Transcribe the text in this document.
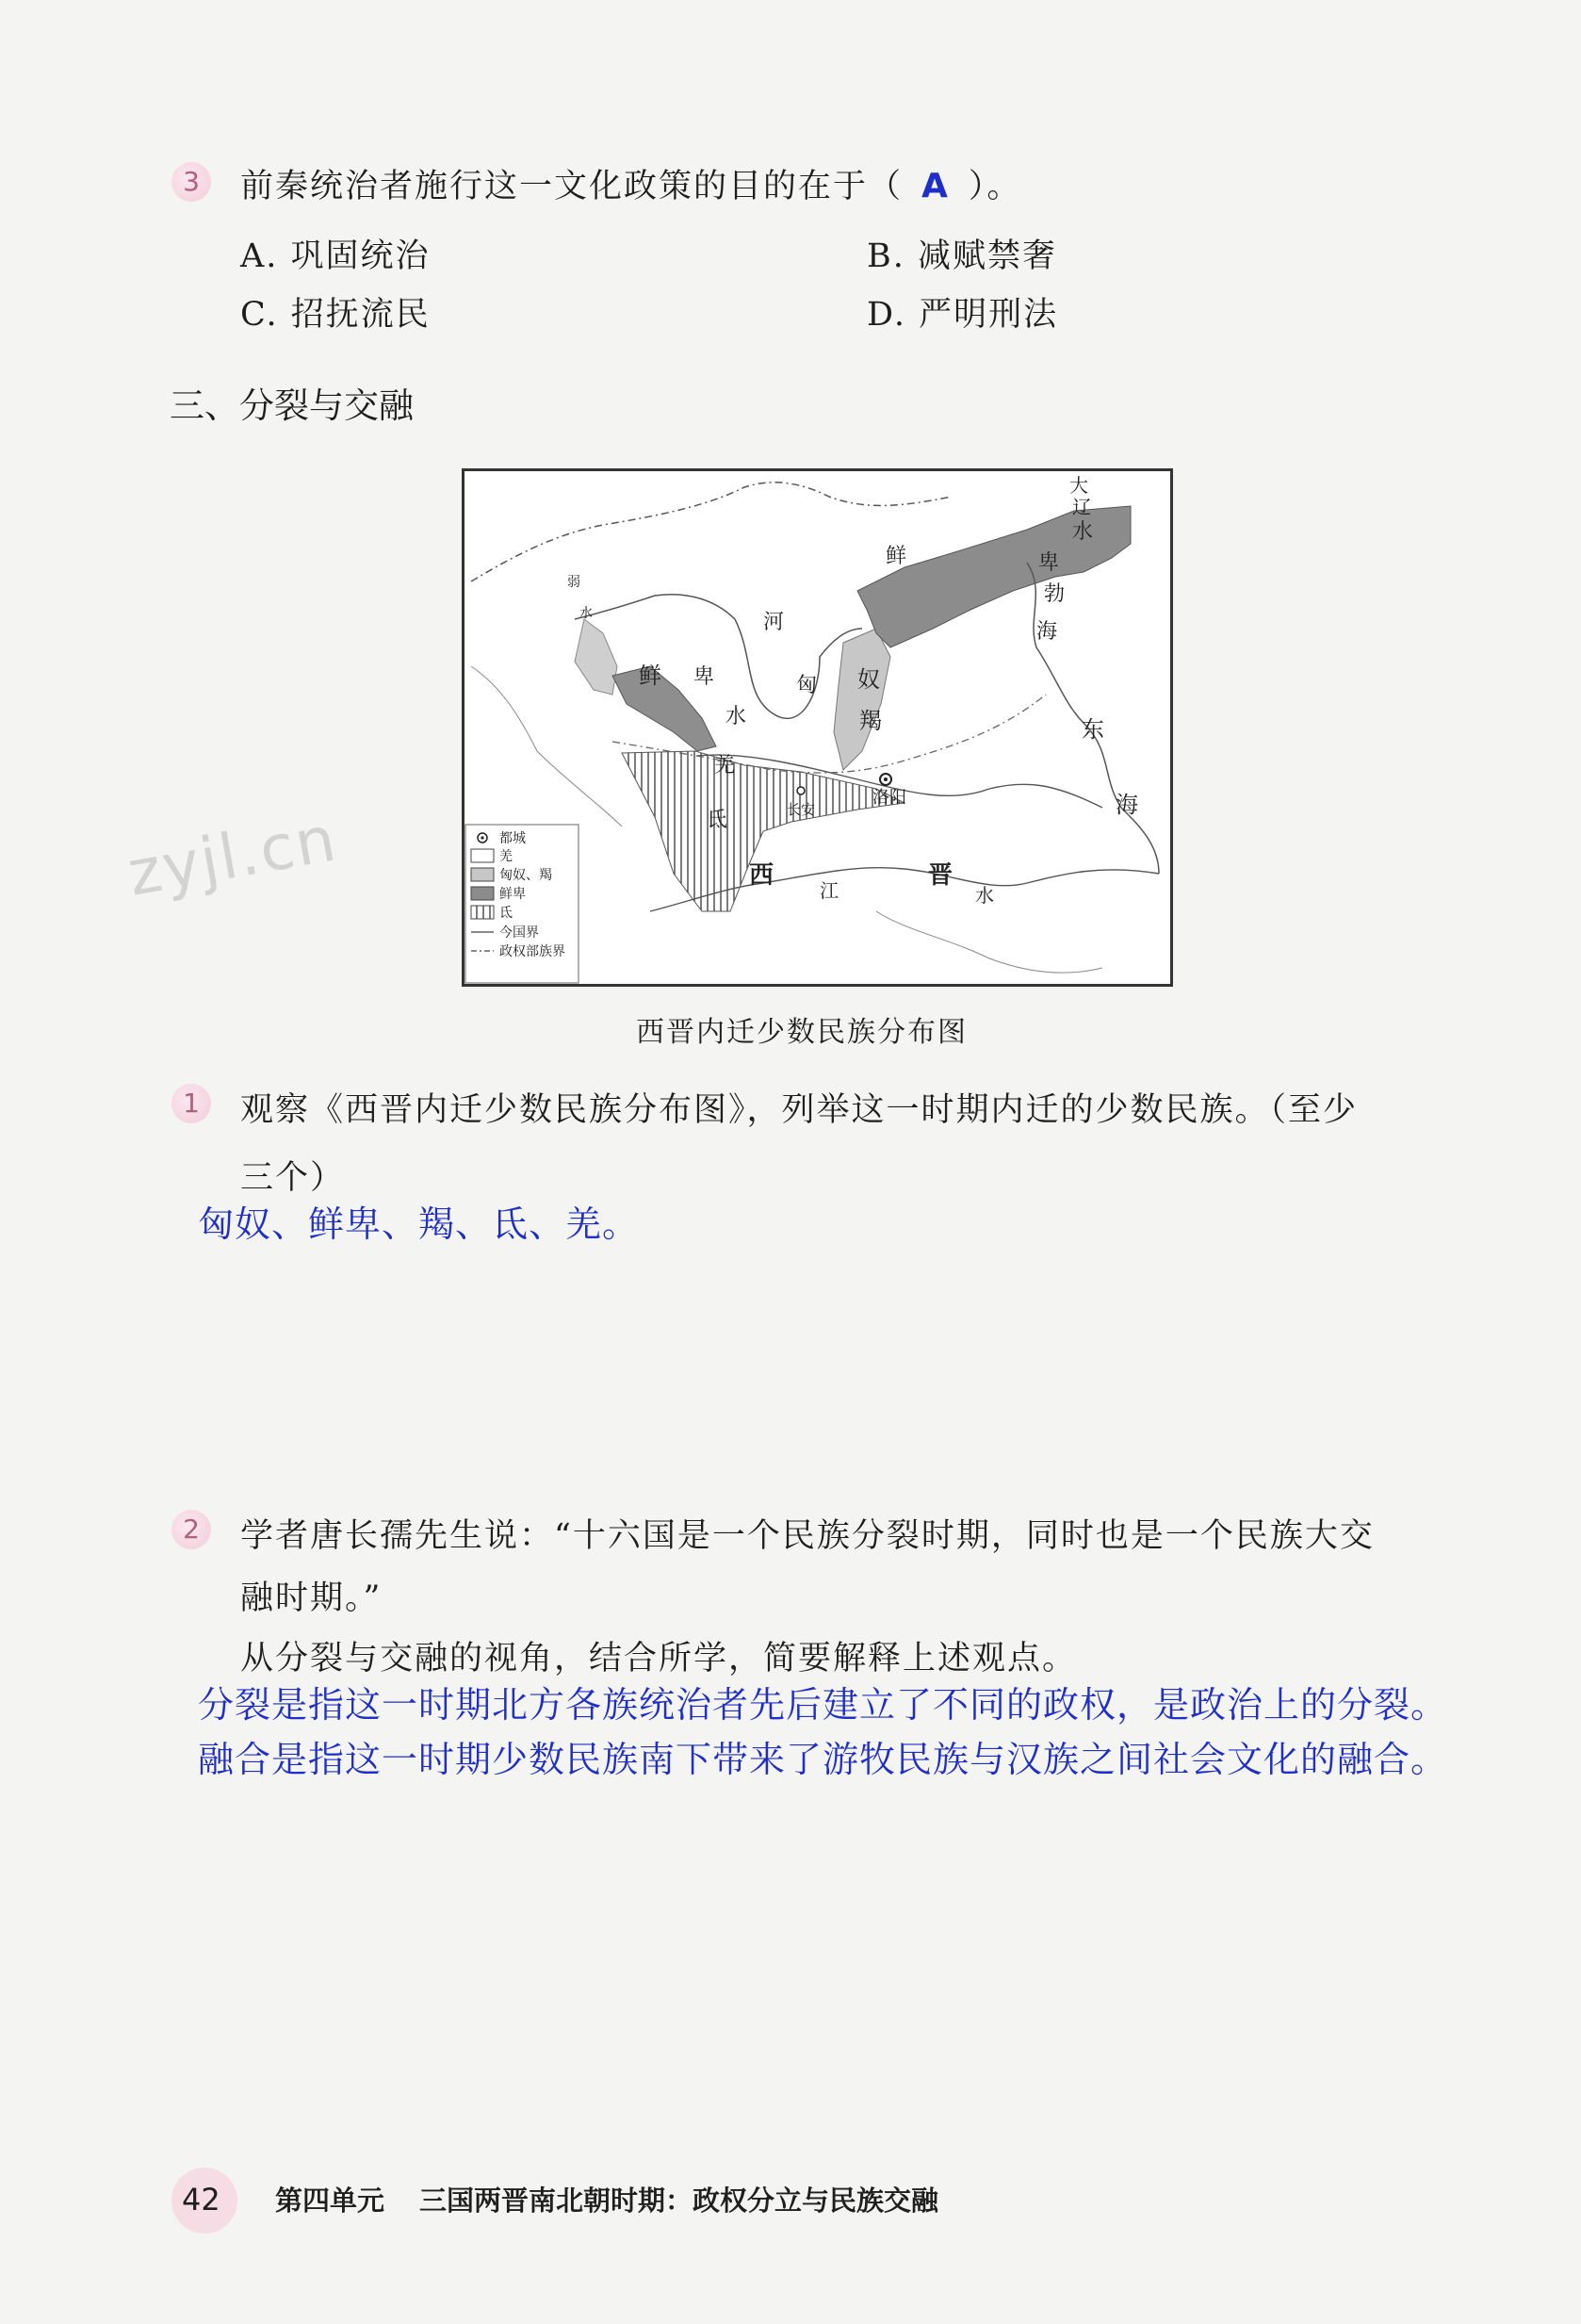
3	前秦统治者施行这一文化政策的目的在于（ A ）。
A. 巩固统治	B. 减赋禁奢
C. 招抚流民	D. 严明刑法
三、分裂与交融
鲜
大
辽
水
卑
勃
海
河
弱
水
鲜 卑	匈 奴
羯
水
羌
氐	长安
洛阳
西	晋
江	水
东
海
都城
羌
匈奴、羯
鲜卑
氐
今国界
政权部族界
西晋内迁少数民族分布图
zyjl.cn
1	观察《西晋内迁少数民族分布图》，列举这一时期内迁的少数民族。（至少
三个）
匈奴、鲜卑、羯、氐、羌。
2	学者唐长孺先生说：“十六国是一个民族分裂时期，同时也是一个民族大交
融时期。”
从分裂与交融的视角，结合所学，简要解释上述观点。
分裂是指这一时期北方各族统治者先后建立了不同的政权，是政治上的分裂。
融合是指这一时期少数民族南下带来了游牧民族与汉族之间社会文化的融合。
42 第四单元 三国两晋南北朝时期：政权分立与民族交融
